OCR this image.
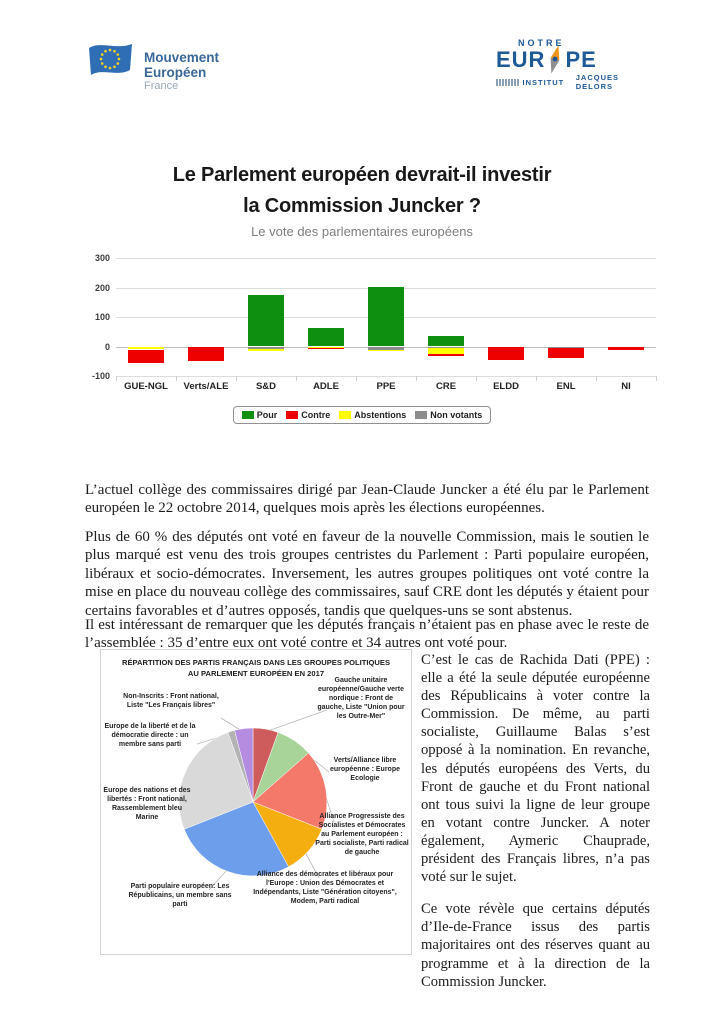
Mouvement
Européen
France
NOTRE
EUR PE
INSTITUT JACQUES DELORS
Le Parlement européen devrait-il investir
la Commission Juncker ?
Le vote des parlementaires européens
GUE-NGL	Verts/ALE	S&D	ADLE	PPE	CRE	ELDD	ENL	NI
300
200
100
0
-100
Pour	Contre	Abstentions	Non votants

L’actuel collège des commissaires dirigé par Jean-Claude Juncker a été élu par le Parlement européen le 22 octobre 2014, quelques mois après les élections européennes.

Plus de 60 % des députés ont voté en faveur de la nouvelle Commission, mais le soutien le plus marqué est venu des trois groupes centristes du Parlement : Parti populaire européen, libéraux et socio-démocrates. Inversement, les autres groupes politiques ont voté contre la mise en place du nouveau collège des commissaires, sauf CRE dont les députés y étaient pour certains favorables et d’autres opposés, tandis que quelques-uns se sont abstenus.

Il est intéressant de remarquer que les députés français n’étaient pas en phase avec le reste de l’assemblée : 35 d’entre eux ont voté contre et 34 autres ont voté pour.

RÉPARTITION DES PARTIS FRANÇAIS DANS LES GROUPES POLITIQUES AU PARLEMENT EUROPÉEN EN 2017
Gauche unitaire européenne/Gauche verte nordique : Front de gauche, Liste "Union pour les Outre-Mer"
Verts/Alliance libre européenne : Europe Ecologie
Alliance Progressiste des Socialistes et Démocrates au Parlement européen : Parti socialiste, Parti radical de gauche
Alliance des démocrates et libéraux pour l'Europe : Union des Démocrates et Indépendants, Liste "Génération citoyens", Modem, Parti radical
Parti populaire européen: Les Républicains, un membre sans parti
Europe des nations et des libertés : Front national, Rassemblement bleu Marine
Europe de la liberté et de la démocratie directe : un membre sans parti
Non-Inscrits : Front national, Liste "Les Français libres"

C’est le cas de Rachida Dati (PPE) : elle a été la seule députée européenne des Républicains à voter contre la Commission. De même, au parti socialiste, Guillaume Balas s’est opposé à la nomination. En revanche, les députés européens des Verts, du Front de gauche et du Front national ont tous suivi la ligne de leur groupe en votant contre Juncker. A noter également, Aymeric Chauprade, président des Français libres, n’a pas voté sur le sujet.

Ce vote révèle que certains députés d’Ile-de-France issus des partis majoritaires ont des réserves quant au programme et à la direction de la Commission Juncker.
